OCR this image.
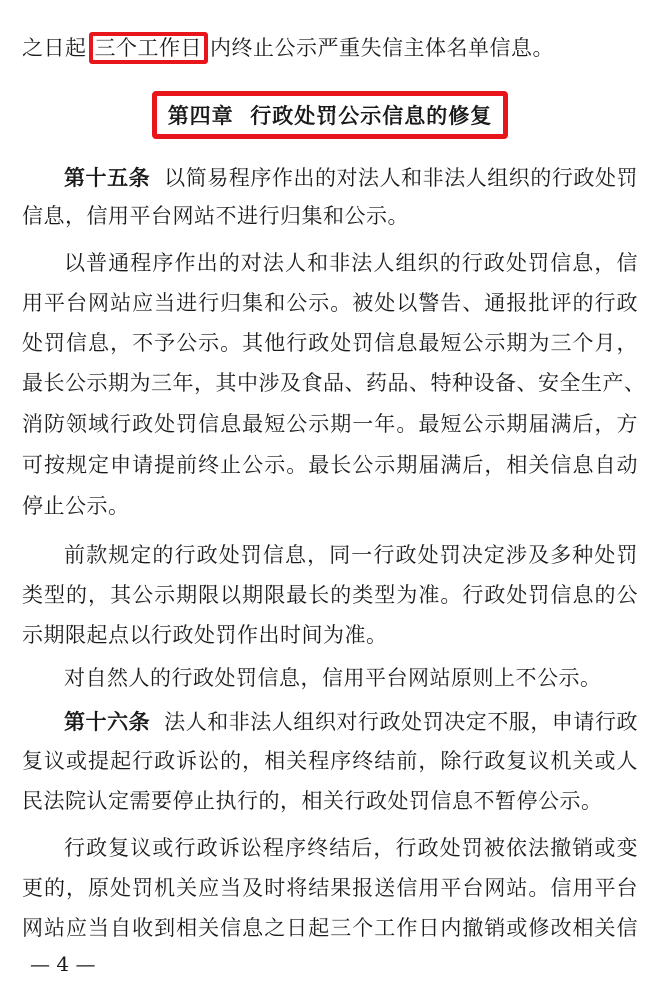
之日起 三个工作日 内终止公示严重失信主体名单信息。
第四章  行政处罚公示信息的修复
第十五条 以简易程序作出的对法人和非法人组织的行政处罚
信息，信用平台网站不进行归集和公示。
以普通程序作出的对法人和非法人组织的行政处罚信息，信
用平台网站应当进行归集和公示。被处以警告、通报批评的行政
处罚信息，不予公示。其他行政处罚信息最短公示期为三个月，
最长公示期为三年，其中涉及食品、药品、特种设备、安全生产、
消防领域行政处罚信息最短公示期一年。最短公示期届满后，方
可按规定申请提前终止公示。最长公示期届满后，相关信息自动
停止公示。
前款规定的行政处罚信息，同一行政处罚决定涉及多种处罚
类型的，其公示期限以期限最长的类型为准。行政处罚信息的公
示期限起点以行政处罚作出时间为准。
对自然人的行政处罚信息，信用平台网站原则上不公示。
第十六条 法人和非法人组织对行政处罚决定不服，申请行政
复议或提起行政诉讼的，相关程序终结前，除行政复议机关或人
民法院认定需要停止执行的，相关行政处罚信息不暂停公示。
行政复议或行政诉讼程序终结后，行政处罚被依法撤销或变
更的，原处罚机关应当及时将结果报送信用平台网站。信用平台
网站应当自收到相关信息之日起三个工作日内撤销或修改相关信
— 4 —
